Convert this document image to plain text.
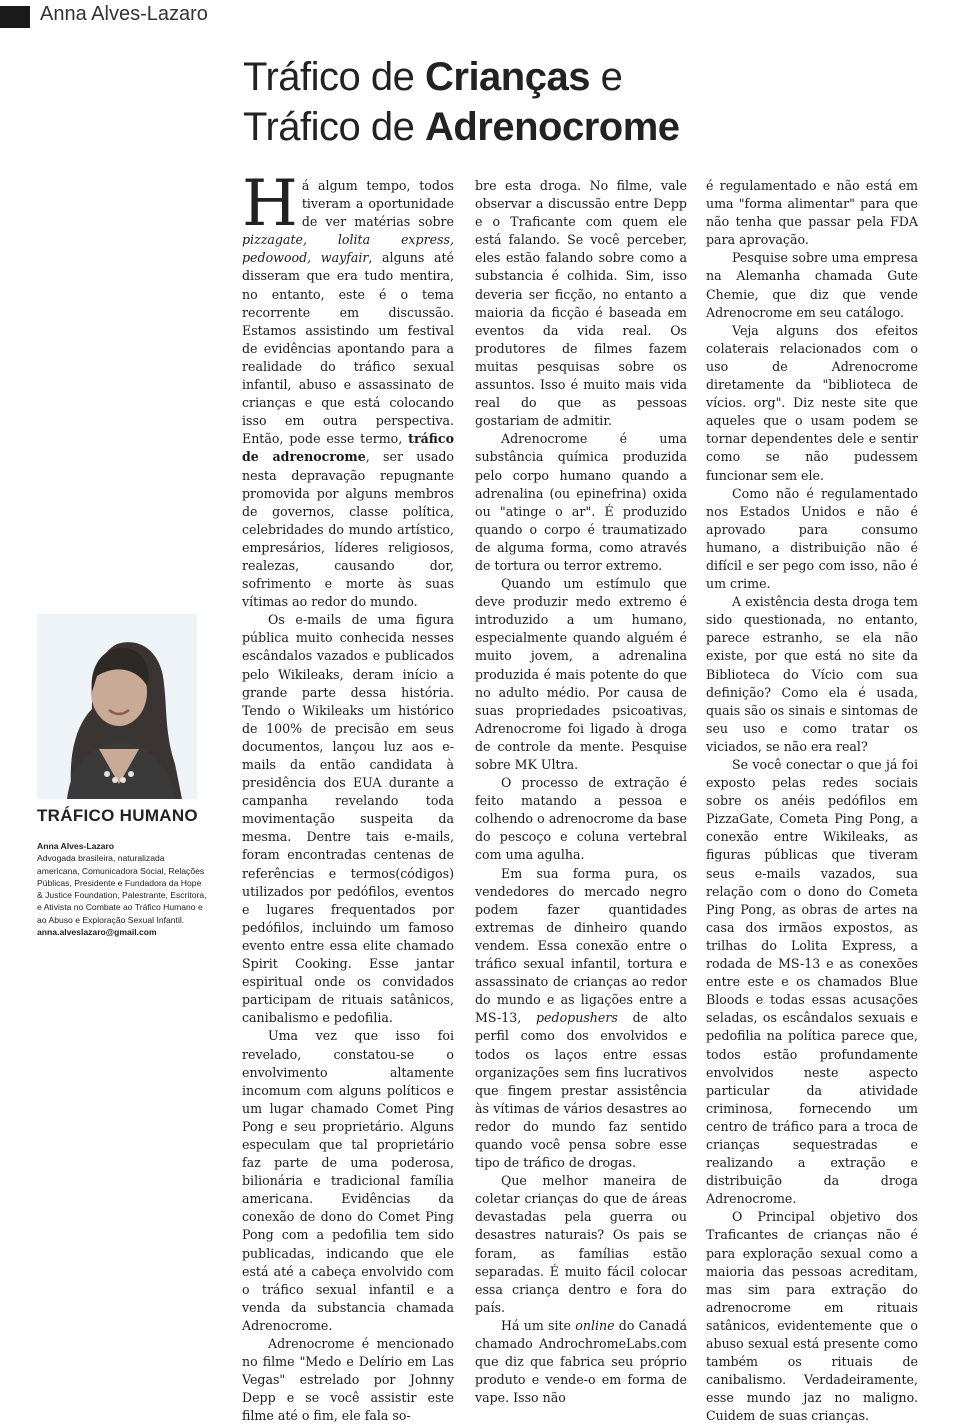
Anna Alves-Lazaro
Tráfico de Crianças e
Tráfico de Adrenocrome
TRÁFICO HUMANO
Anna Alves-Lazaro
Advogada brasileira, naturalizada americana, Comunicadora Social, Relações Públicas, Presidente e Fundadora da Hope & Justice Foundation, Palestrante, Escritora, e Ativista no Combate ao Tráfico Humano e ao Abuso e Exploração Sexual Infantil.
anna.alveslazaro@gmail.com

Há algum tempo, todos tiveram a oportunidade de ver matérias sobre pizzagate, lolita express, pedowood, wayfair, alguns até disseram que era tudo mentira, no entanto, este é o tema recorrente em discussão. Estamos assistindo um festival de evidências apontando para a realidade do tráfico sexual infantil, abuso e assassinato de crianças e que está colocando isso em outra perspectiva. Então, pode esse termo, tráfico de adrenocrome, ser usado nesta depravação repugnante promovida por alguns membros de governos, classe política, celebridades do mundo artístico, empresários, líderes religiosos, realezas, causando dor, sofrimento e morte às suas vítimas ao redor do mundo.

Os e-mails de uma figura pública muito conhecida nesses escândalos vazados e publicados pelo Wikileaks, deram início a grande parte dessa história. Tendo o Wikileaks um histórico de 100% de precisão em seus documentos, lançou luz aos e-mails da então candidata à presidência dos EUA durante a campanha revelando toda movimentação suspeita da mesma. Dentre tais e-mails, foram encontradas centenas de referências e termos(códigos) utilizados por pedófilos, eventos e lugares frequentados por pedófilos, incluindo um famoso evento entre essa elite chamado Spirit Cooking. Esse jantar espiritual onde os convidados participam de rituais satânicos, canibalismo e pedofilia.

Uma vez que isso foi revelado, constatou-se o envolvimento altamente incomum com alguns políticos e um lugar chamado Comet Ping Pong e seu proprietário. Alguns especulam que tal proprietário faz parte de uma poderosa, bilionária e tradicional família americana. Evidências da conexão de dono do Comet Ping Pong com a pedofilia tem sido publicadas, indicando que ele está até a cabeça envolvido com o tráfico sexual infantil e a venda da substancia chamada Adrenocrome.

Adrenocrome é mencionado no filme "Medo e Delírio em Las Vegas" estrelado por Johnny Depp e se você assistir este filme até o fim, ele fala so-

bre esta droga. No filme, vale observar a discussão entre Depp e o Traficante com quem ele está falando. Se você perceber, eles estão falando sobre como a substancia é colhida. Sim, isso deveria ser ficção, no entanto a maioria da ficção é baseada em eventos da vida real. Os produtores de filmes fazem muitas pesquisas sobre os assuntos. Isso é muito mais vida real do que as pessoas gostariam de admitir.

Adrenocrome é uma substância química produzida pelo corpo humano quando a adrenalina (ou epinefrina) oxida ou "atinge o ar". É produzido quando o corpo é traumatizado de alguma forma, como através de tortura ou terror extremo.

Quando um estímulo que deve produzir medo extremo é introduzido a um humano, especialmente quando alguém é muito jovem, a adrenalina produzida é mais potente do que no adulto médio. Por causa de suas propriedades psicoativas, Adrenocrome foi ligado à droga de controle da mente. Pesquise sobre MK Ultra.

O processo de extração é feito matando a pessoa e colhendo o adrenocrome da base do pescoço e coluna vertebral com uma agulha.

Em sua forma pura, os vendedores do mercado negro podem fazer quantidades extremas de dinheiro quando vendem. Essa conexão entre o tráfico sexual infantil, tortura e assassinato de crianças ao redor do mundo e as ligações entre a MS-13, pedopushers de alto perfil como dos envolvidos e todos os laços entre essas organizações sem fins lucrativos que fingem prestar assistência às vítimas de vários desastres ao redor do mundo faz sentido quando você pensa sobre esse tipo de tráfico de drogas.

Que melhor maneira de coletar crianças do que de áreas devastadas pela guerra ou desastres naturais? Os pais se foram, as famílias estão separadas. É muito fácil colocar essa criança dentro e fora do país.

Há um site online do Canadá chamado AndrochromeLabs.com que diz que fabrica seu próprio produto e vende-o em forma de vape. Isso não

é regulamentado e não está em uma "forma alimentar" para que não tenha que passar pela FDA para aprovação.

Pesquise sobre uma empresa na Alemanha chamada Gute Chemie, que diz que vende Adrenocrome em seu catálogo.

Veja alguns dos efeitos colaterais relacionados com o uso de Adrenocrome diretamente da "biblioteca de vícios. org". Diz neste site que aqueles que o usam podem se tornar dependentes dele e sentir como se não pudessem funcionar sem ele.

Como não é regulamentado nos Estados Unidos e não é aprovado para consumo humano, a distribuição não é difícil e ser pego com isso, não é um crime.

A existência desta droga tem sido questionada, no entanto, parece estranho, se ela não existe, por que está no site da Biblioteca do Vício com sua definição? Como ela é usada, quais são os sinais e sintomas de seu uso e como tratar os viciados, se não era real?

Se você conectar o que já foi exposto pelas redes sociais sobre os anéis pedófilos em PizzaGate, Cometa Ping Pong, a conexão entre Wikileaks, as figuras públicas que tiveram seus e-mails vazados, sua relação com o dono do Cometa Ping Pong, as obras de artes na casa dos irmãos expostos, as trilhas do Lolita Express, a rodada de MS-13 e as conexões entre este e os chamados Blue Bloods e todas essas acusações seladas, os escândalos sexuais e pedofilia na política parece que, todos estão profundamente envolvidos neste aspecto particular da atividade criminosa, fornecendo um centro de tráfico para a troca de crianças sequestradas e realizando a extração e distribuição da droga Adrenocrome.

O Principal objetivo dos Traficantes de crianças não é para exploração sexual como a maioria das pessoas acreditam, mas sim para extração do adrenocrome em rituais satânicos, evidentemente que o abuso sexual está presente como também os rituais de canibalismo. Verdadeiramente, esse mundo jaz no maligno. Cuidem de suas crianças.
